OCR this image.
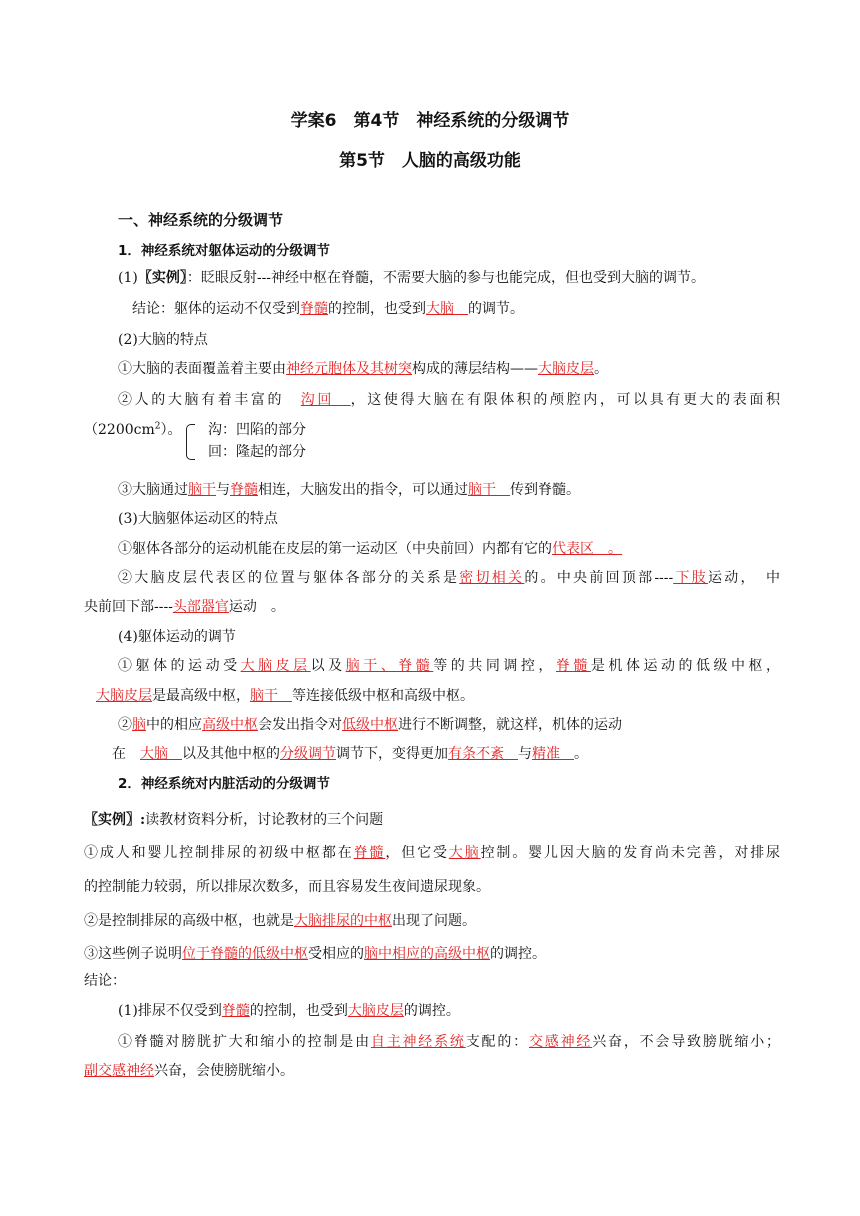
学案6　第4节　神经系统的分级调节
第5节　人脑的高级功能
一、神经系统的分级调节
1．神经系统对躯体运动的分级调节
(1)〖实例〗：眨眼反射---神经中枢在脊髓，不需要大脑的参与也能完成，但也受到大脑的调节。
结论：躯体的运动不仅受到脊髓的控制，也受到大脑　的调节。
(2)大脑的特点
①大脑的表面覆盖着主要由神经元胞体及其树突构成的薄层结构——大脑皮层。
②人的大脑有着丰富的　沟回　，这使得大脑在有限体积的颅腔内，可以具有更大的表面积
$(2200cm^2)$。 沟：凹陷的部分
回：隆起的部分
③大脑通过脑干与脊髓相连，大脑发出的指令，可以通过脑干　传到脊髓。
(3)大脑躯体运动区的特点
①躯体各部分的运动机能在皮层的第一运动区（中央前回）内都有它的代表区　。
②大脑皮层代表区的位置与躯体各部分的关系是密切相关的。中央前回顶部----下肢运动，　中
央前回下部----头部器官运动　。
(4)躯体运动的调节
①躯体的运动受大脑皮层以及脑干、脊髓等的共同调控，脊髓是机体运动的低级中枢，
大脑皮层是最高级中枢，脑干　等连接低级中枢和高级中枢。
②脑中的相应高级中枢会发出指令对低级中枢进行不断调整，就这样，机体的运动
在　大脑　以及其他中枢的分级调节调节下，变得更加有条不紊　与精准　。
2．神经系统对内脏活动的分级调节
〖实例〗:读教材资料分析，讨论教材的三个问题
①成人和婴儿控制排尿的初级中枢都在脊髓，但它受大脑控制。婴儿因大脑的发育尚未完善，对排尿
的控制能力较弱，所以排尿次数多，而且容易发生夜间遗尿现象。
②是控制排尿的高级中枢，也就是大脑排尿的中枢出现了问题。
③这些例子说明位于脊髓的低级中枢受相应的脑中相应的高级中枢的调控。
结论：
(1)排尿不仅受到脊髓的控制，也受到大脑皮层的调控。
①脊髓对膀胱扩大和缩小的控制是由自主神经系统支配的：交感神经兴奋，不会导致膀胱缩小；
副交感神经兴奋，会使膀胱缩小。
